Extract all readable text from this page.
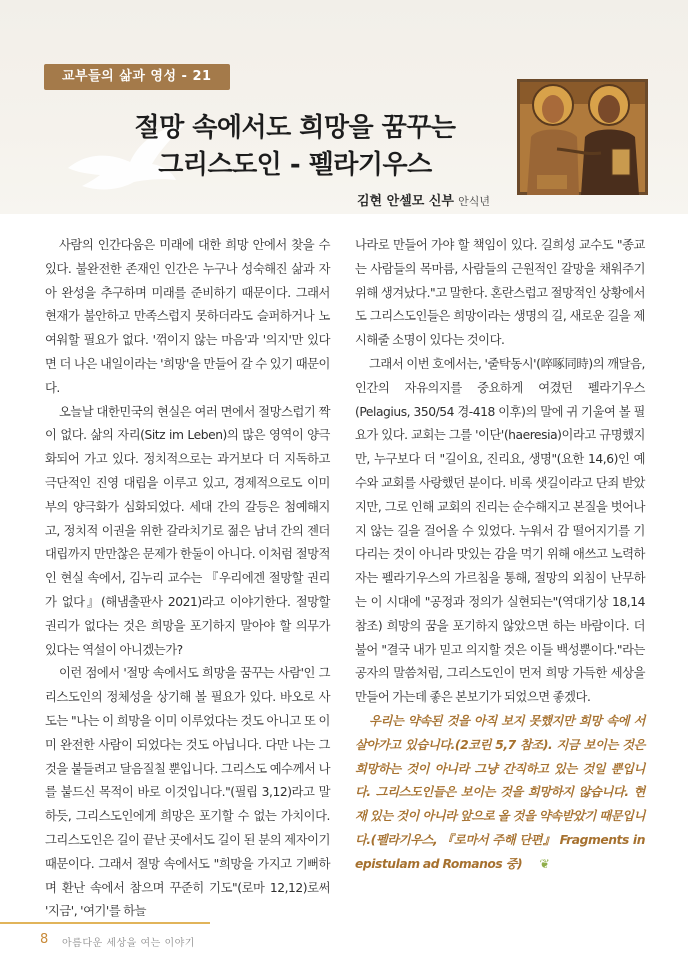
교부들의 삶과 영성 - 21
절망 속에서도 희망을 꿈꾸는
그리스도인 - 펠라기우스
김현 안셀모 신부 안식년

사람의 인간다움은 미래에 대한 희망 안에서 찾을 수 있다. 불완전한 존재인 인간은 누구나 성숙해진 삶과 자아 완성을 추구하며 미래를 준비하기 때문이다. 그래서 현재가 불안하고 만족스럽지 못하더라도 슬퍼하거나 노여워할 필요가 없다. '꺾이지 않는 마음'과 '의지'만 있다면 더 나은 내일이라는 '희망'을 만들어 갈 수 있기 때문이다.

오늘날 대한민국의 현실은 여러 면에서 절망스럽기 짝이 없다. 삶의 자리(Sitz im Leben)의 많은 영역이 양극화되어 가고 있다. 정치적으로는 과거보다 더 지독하고 극단적인 진영 대립을 이루고 있고, 경제적으로도 이미 부의 양극화가 심화되었다. 세대 간의 갈등은 첨예해지고, 정치적 이권을 위한 갈라치기로 젊은 남녀 간의 젠더 대립까지 만만찮은 문제가 한둘이 아니다. 이처럼 절망적인 현실 속에서, 김누리 교수는 『우리에겐 절망할 권리가 없다』(해냄출판사 2021)라고 이야기한다. 절망할 권리가 없다는 것은 희망을 포기하지 말아야 할 의무가 있다는 역설이 아니겠는가?

이런 점에서 '절망 속에서도 희망을 꿈꾸는 사람'인 그리스도인의 정체성을 상기해 볼 필요가 있다. 바오로 사도는 "나는 이 희망을 이미 이루었다는 것도 아니고 또 이미 완전한 사람이 되었다는 것도 아닙니다. 다만 나는 그것을 붙들려고 달음질칠 뿐입니다. 그리스도 예수께서 나를 붙드신 목적이 바로 이것입니다."(필립 3,12)라고 말하듯, 그리스도인에게 희망은 포기할 수 없는 가치이다. 그리스도인은 길이 끝난 곳에서도 길이 된 분의 제자이기 때문이다. 그래서 절망 속에서도 "희망을 가지고 기뻐하며 환난 속에서 참으며 꾸준히 기도"(로마 12,12)로써 '지금', '여기'를 하늘

나라로 만들어 가야 할 책임이 있다. 길희성 교수도 "종교는 사람들의 목마름, 사람들의 근원적인 갈망을 채워주기 위해 생겨났다."고 말한다. 혼란스럽고 절망적인 상황에서도 그리스도인들은 희망이라는 생명의 길, 새로운 길을 제시해줄 소명이 있다는 것이다.

그래서 이번 호에서는, '줄탁동시'(啐啄同時)의 깨달음, 인간의 자유의지를 중요하게 여겼던 펠라기우스(Pelagius, 350/54 경-418 이후)의 말에 귀 기울여 볼 필요가 있다. 교회는 그를 '이단'(haeresia)이라고 규명했지만, 누구보다 더 "길이요, 진리요, 생명"(요한 14,6)인 예수와 교회를 사랑했던 분이다. 비록 샛길이라고 단죄 받았지만, 그로 인해 교회의 진리는 순수해지고 본질을 벗어나지 않는 길을 걸어올 수 있었다. 누워서 감 떨어지기를 기다리는 것이 아니라 맛있는 감을 먹기 위해 애쓰고 노력하자는 펠라기우스의 가르침을 통해, 절망의 외침이 난무하는 이 시대에 "공정과 정의가 실현되는"(역대기상 18,14 참조) 희망의 꿈을 포기하지 않았으면 하는 바람이다. 더불어 "결국 내가 믿고 의지할 것은 이들 백성뿐이다."라는 공자의 말씀처럼, 그리스도인이 먼저 희망 가득한 세상을 만들어 가는데 좋은 본보기가 되었으면 좋겠다.

우리는 약속된 것을 아직 보지 못했지만 희망 속에 서 살아가고 있습니다.(2코린 5,7 참조). 지금 보이는 것은 희망하는 것이 아니라 그냥 간직하고 있는 것일 뿐입니다. 그리스도인들은 보이는 것을 희망하지 않습니다. 현재 있는 것이 아니라 앞으로 올 것을 약속받았기 때문입니다.(펠라기우스, 『로마서 주해 단편』 Fragments in epistulam ad Romanos 중) ❦

8 아름다운 세상을 여는 이야기
